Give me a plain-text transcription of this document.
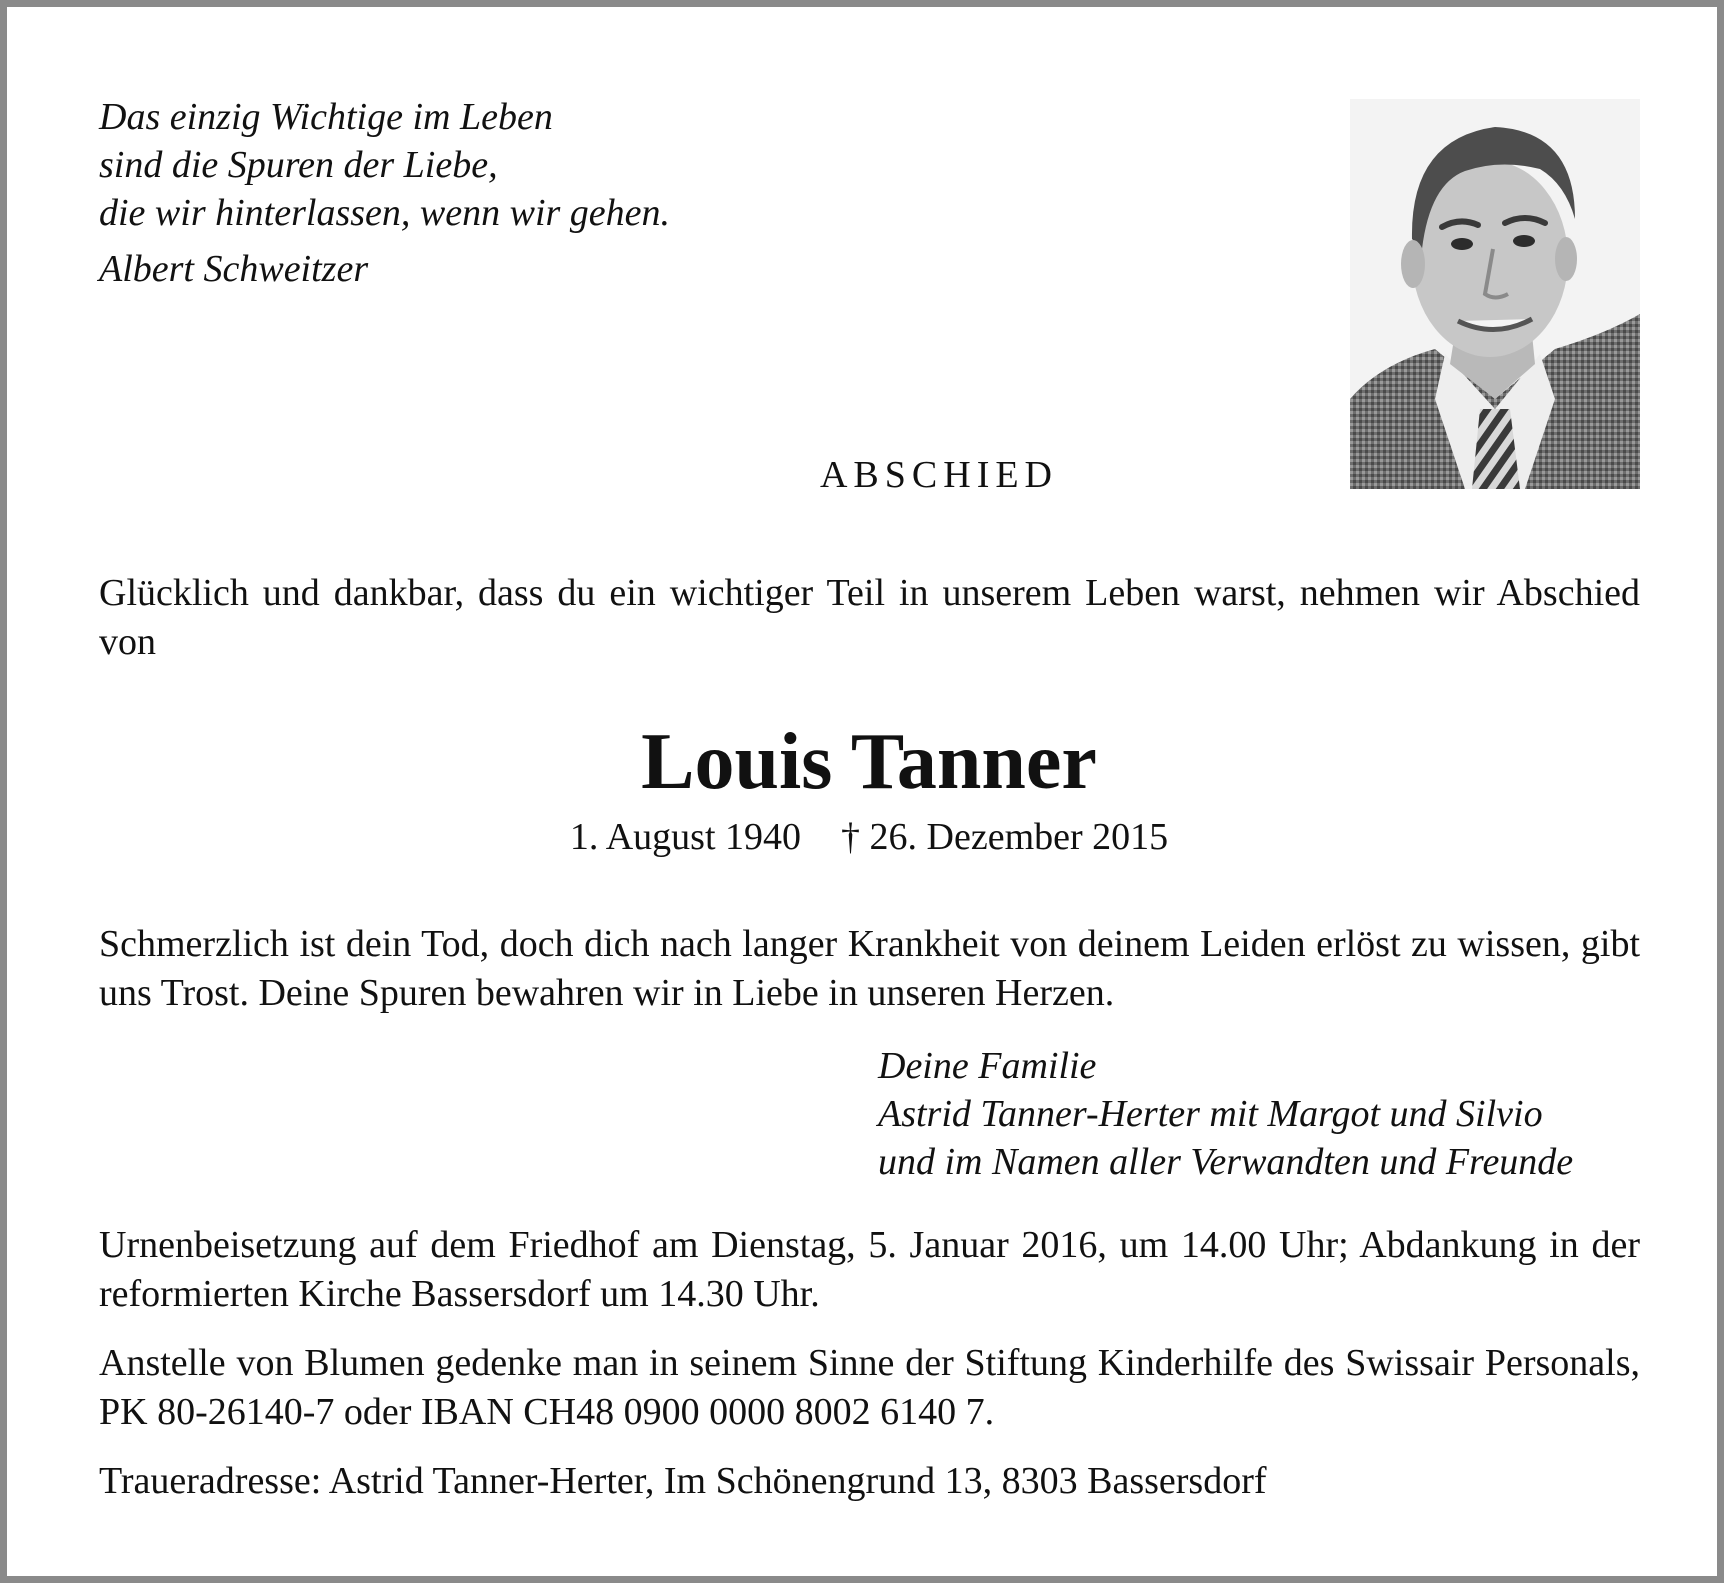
Das einzig Wichtige im Leben
sind die Spuren der Liebe,
die wir hinterlassen, wenn wir gehen.
Albert Schweitzer
ABSCHIED

Glücklich und dankbar, dass du ein wichtiger Teil in unserem Leben warst, nehmen wir Abschied von

Louis Tanner
1. August 1940 † 26. Dezember 2015

Schmerzlich ist dein Tod, doch dich nach langer Krankheit von deinem Leiden erlöst zu wissen, gibt uns Trost. Deine Spuren bewahren wir in Liebe in unseren Herzen.

Deine Familie
Astrid Tanner-Herter mit Margot und Silvio
und im Namen aller Verwandten und Freunde

Urnenbeisetzung auf dem Friedhof am Dienstag, 5. Januar 2016, um 14.00 Uhr; Abdankung in der reformierten Kirche Bassersdorf um 14.30 Uhr.

Anstelle von Blumen gedenke man in seinem Sinne der Stiftung Kinderhilfe des Swissair Personals, PK 80-26140-7 oder IBAN CH48 0900 0000 8002 6140 7.

Traueradresse: Astrid Tanner-Herter, Im Schönengrund 13, 8303 Bassersdorf
